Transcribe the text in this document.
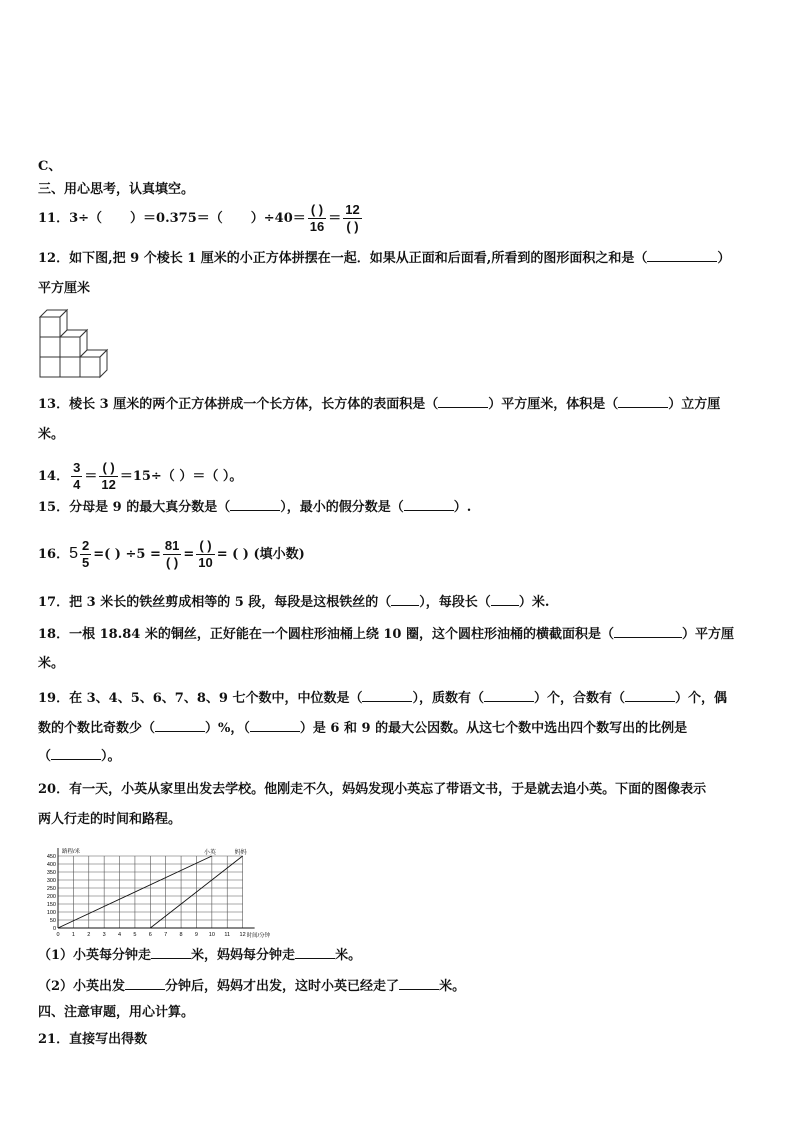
C、
三、用心思考，认真填空。
11．3÷（ ）＝0.375＝（ ）$\div 40= \frac{( )}{16} = \frac{12}{( )}$
12．如下图,把 9 个棱长 1 厘米的小正方体拼摆在一起．如果从正面和后面看,所看到的图形面积之和是（	）
平方厘米
13．棱长 3 厘米的两个正方体拼成一个长方体，长方体的表面积是（	）平方厘米，体积是（	）立方厘
米。
14． $\frac{3}{4} = \frac{( )}{12} =15\div$（ ）＝（ ）。
15．分母是 9 的最大真分数是（	），最小的假分数是（	）.
16．$5 \frac{2}{5}$ =( ) $\div 5 = \frac{81}{( )} = \frac{( )}{10}$ = ( ) (填小数)
17．把 3 米长的铁丝剪成相等的 5 段，每段是这根铁丝的（ ），每段长（ ）米.
18．一根 18.84 米的铜丝，正好能在一个圆柱形油桶上绕 10 圈，这个圆柱形油桶的横截面积是（	）平方厘
米。
19．在 3、4、5、6、7、8、9 七个数中，中位数是（	），质数有（	）个，合数有（	）个，偶
数的个数比奇数少（	）%，（	）是 6 和 9 的最大公因数。从这七个数中选出四个数写出的比例是
（	）。
20．有一天，小英从家里出发去学校。他刚走不久，妈妈发现小英忘了带语文书，于是就去追小英。下面的图像表示
两人行走的时间和路程。
0
50
100
150
200
250
300
350
400
450
0 1 2 3 4 5 6 7 8 9 10 11 12
路程/米
时间/分钟
小英	妈妈
（1）小英每分钟走	米，妈妈每分钟走	米。
（2）小英出发	分钟后，妈妈才出发，这时小英已经走了	米。
四、注意审题，用心计算。
21．直接写出得数
